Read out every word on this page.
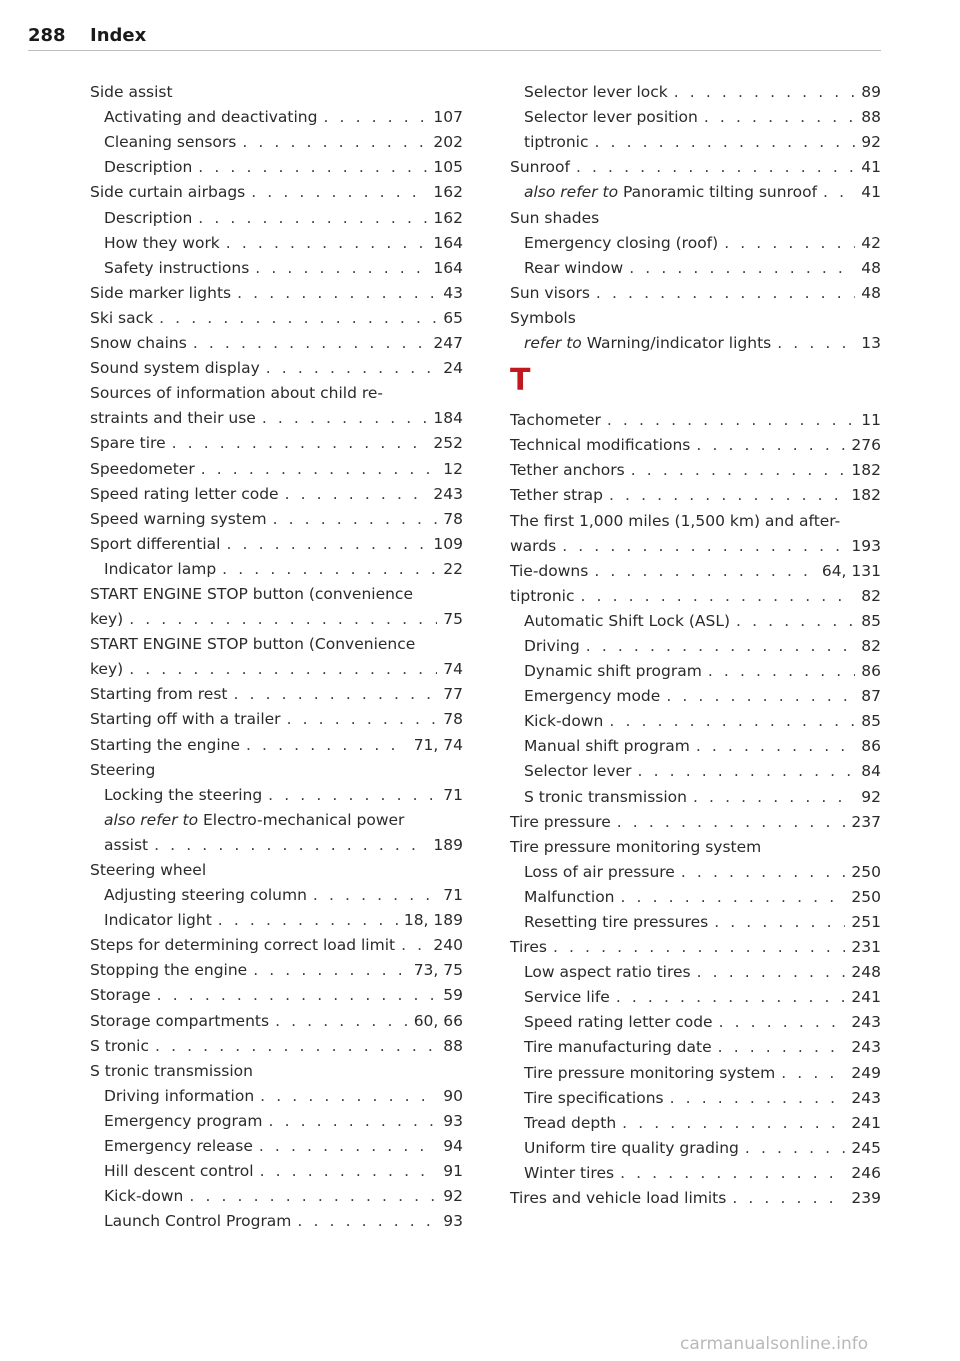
288 Index
Side assist
Activating and deactivating . . .	107
Cleaning sensors . . .	202
Description . . .	105
Side curtain airbags . . .	162
Description . . .	162
How they work . . .	164
Safety instructions . . .	164
Side marker lights . . .	43
Ski sack . . .	65
Snow chains . . .	247
Sound system display . . .	24
Sources of information about child re-
straints and their use . . .	184
Spare tire . . .	252
Speedometer . . .	12
Speed rating letter code . . .	243
Speed warning system . . .	78
Sport differential . . .	109
Indicator lamp . . .	22
START ENGINE STOP button (convenience
key) . . .	75
START ENGINE STOP button (Convenience
key) . . .	74
Starting from rest . . .	77
Starting off with a trailer . . .	78
Starting the engine . . .	71, 74
Steering
Locking the steering . . .	71
also refer to Electro-mechanical power
assist . . .	189
Steering wheel
Adjusting steering column . . .	71
Indicator light . . .	18, 189
Steps for determining correct load limit . . . 240
Stopping the engine . . .	73, 75
Storage . . .	59
Storage compartments . . .	60, 66
S tronic . . .	88
S tronic transmission
Driving information . . .	90
Emergency program . . .	93
Emergency release . . .	94
Hill descent control . . .	91
Kick-down . . .	92
Launch Control Program . . .	93
Selector lever lock . . .	89
Selector lever position . . .	88
tiptronic . . .	92
Sunroof . . .	41
also refer to Panoramic tilting sunroof . . .	41
Sun shades
Emergency closing (roof) . . .	42
Rear window . . .	48
Sun visors . . .	48
Symbols
refer to Warning/indicator lights . . .	13
T
Tachometer . . .	11
Technical modifications . . .	276
Tether anchors . . .	182
Tether strap . . .	182
The first 1,000 miles (1,500 km) and after-
wards . . .	193
Tie-downs . . .	64, 131
tiptronic . . .	82
Automatic Shift Lock (ASL) . . .	85
Driving . . .	82
Dynamic shift program . . .	86
Emergency mode . . .	87
Kick-down . . .	85
Manual shift program . . .	86
Selector lever . . .	84
S tronic transmission . . .	92
Tire pressure . . .	237
Tire pressure monitoring system
Loss of air pressure . . .	250
Malfunction . . .	250
Resetting tire pressures . . .	251
Tires . . .	231
Low aspect ratio tires . . .	248
Service life . . .	241
Speed rating letter code . . .	243
Tire manufacturing date . . .	243
Tire pressure monitoring system . . .	249
Tire specifications . . .	243
Tread depth . . .	241
Uniform tire quality grading . . .	245
Winter tires . . .	246
Tires and vehicle load limits . . .	239
carmanualsonline.info
